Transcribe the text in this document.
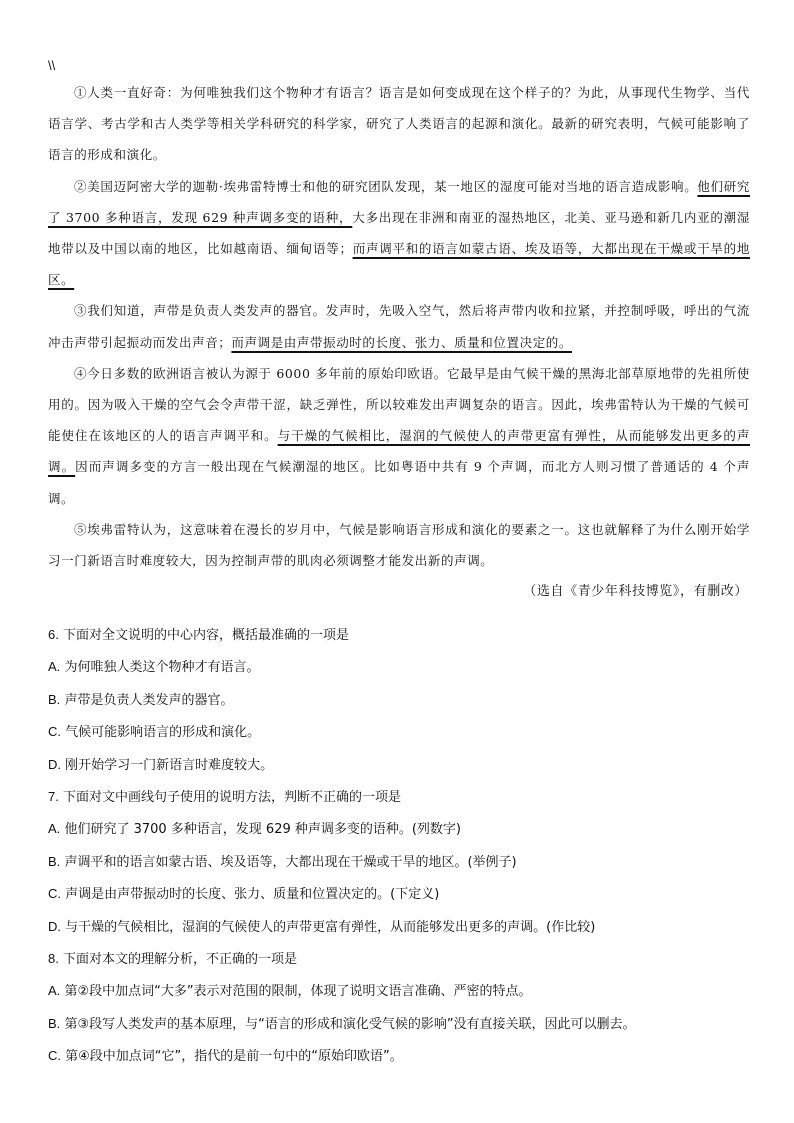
\\

①人类一直好奇：为何唯独我们这个物种才有语言？语言是如何变成现在这个样子的？为此，从事现代生物学、当代语言学、考古学和古人类学等相关学科研究的科学家，研究了人类语言的起源和演化。最新的研究表明，气候可能影响了语言的形成和演化。

②美国迈阿密大学的迦勒·埃弗雷特博士和他的研究团队发现，某一地区的湿度可能对当地的语言造成影响。他们研究了 3700 多种语言，发现 629 种声调多变的语种，大多出现在非洲和南亚的湿热地区，北美、亚马逊和新几内亚的潮湿地带以及中国以南的地区，比如越南语、缅甸语等；而声调平和的语言如蒙古语、埃及语等，大都出现在干燥或干旱的地区。

③我们知道，声带是负责人类发声的器官。发声时，先吸入空气，然后将声带内收和拉紧，并控制呼吸，呼出的气流冲击声带引起振动而发出声音；而声调是由声带振动时的长度、张力、质量和位置决定的。

④今日多数的欧洲语言被认为源于 6000 多年前的原始印欧语。它最早是由气候干燥的黑海北部草原地带的先祖所使用的。因为吸入干燥的空气会令声带干涩，缺乏弹性，所以较难发出声调复杂的语言。因此，埃弗雷特认为干燥的气候可能使住在该地区的人的语言声调平和。与干燥的气候相比，湿润的气候使人的声带更富有弹性，从而能够发出更多的声调。因而声调多变的方言一般出现在气候潮湿的地区。比如粤语中共有 9 个声调，而北方人则习惯了普通话的 4 个声调。

⑤埃弗雷特认为，这意味着在漫长的岁月中，气候是影响语言形成和演化的要素之一。这也就解释了为什么刚开始学习一门新语言时难度较大，因为控制声带的肌肉必须调整才能发出新的声调。

（选自《青少年科技博览》，有删改）

6. 下面对全文说明的中心内容，概括最准确的一项是

A. 为何唯独人类这个物种才有语言。

B. 声带是负责人类发声的器官。

C. 气候可能影响语言的形成和演化。

D. 刚开始学习一门新语言时难度较大。

7. 下面对文中画线句子使用的说明方法，判断不正确的一项是

A. 他们研究了 3700 多种语言，发现 629 种声调多变的语种。(列数字)

B. 声调平和的语言如蒙古语、埃及语等，大都出现在干燥或干旱的地区。(举例子)

C. 声调是由声带振动时的长度、张力、质量和位置决定的。(下定义)

D. 与干燥的气候相比，湿润的气候使人的声带更富有弹性，从而能够发出更多的声调。(作比较)

8. 下面对本文的理解分析，不正确的一项是

A. 第②段中加点词“大多”表示对范围的限制，体现了说明文语言准确、严密的特点。

B. 第③段写人类发声的基本原理，与“语言的形成和演化受气候的影响”没有直接关联，因此可以删去。

C. 第④段中加点词“它”，指代的是前一句中的“原始印欧语”。
